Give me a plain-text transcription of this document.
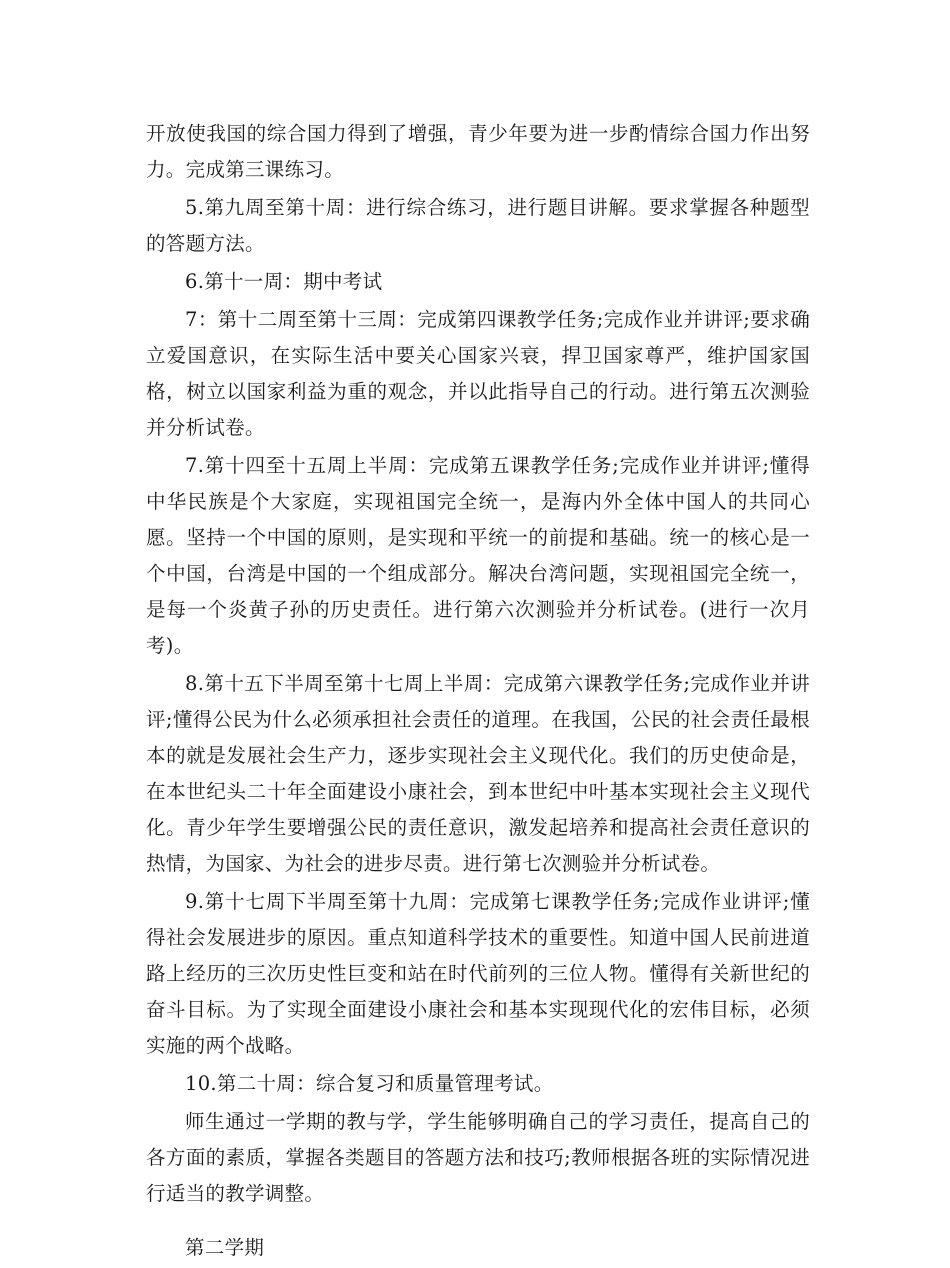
开放使我国的综合国力得到了增强，青少年要为进一步酌情综合国力作出努力。完成第三课练习。

5.第九周至第十周：进行综合练习，进行题目讲解。要求掌握各种题型的答题方法。

6.第十一周：期中考试

7：第十二周至第十三周：完成第四课教学任务;完成作业并讲评;要求确立爱国意识，在实际生活中要关心国家兴衰，捍卫国家尊严，维护国家国格，树立以国家利益为重的观念，并以此指导自己的行动。进行第五次测验并分析试卷。

7.第十四至十五周上半周：完成第五课教学任务;完成作业并讲评;懂得中华民族是个大家庭，实现祖国完全统一，是海内外全体中国人的共同心愿。坚持一个中国的原则，是实现和平统一的前提和基础。统一的核心是一个中国，台湾是中国的一个组成部分。解决台湾问题，实现祖国完全统一，是每一个炎黄子孙的历史责任。进行第六次测验并分析试卷。(进行一次月考)。

8.第十五下半周至第十七周上半周：完成第六课教学任务;完成作业并讲评;懂得公民为什么必须承担社会责任的道理。在我国，公民的社会责任最根本的就是发展社会生产力，逐步实现社会主义现代化。我们的历史使命是，在本世纪头二十年全面建设小康社会，到本世纪中叶基本实现社会主义现代化。青少年学生要增强公民的责任意识，激发起培养和提高社会责任意识的热情，为国家、为社会的进步尽责。进行第七次测验并分析试卷。

9.第十七周下半周至第十九周：完成第七课教学任务;完成作业讲评;懂得社会发展进步的原因。重点知道科学技术的重要性。知道中国人民前进道路上经历的三次历史性巨变和站在时代前列的三位人物。懂得有关新世纪的奋斗目标。为了实现全面建设小康社会和基本实现现代化的宏伟目标，必须实施的两个战略。

10.第二十周：综合复习和质量管理考试。

师生通过一学期的教与学，学生能够明确自己的学习责任，提高自己的各方面的素质，掌握各类题目的答题方法和技巧;教师根据各班的实际情况进行适当的教学调整。

第二学期
